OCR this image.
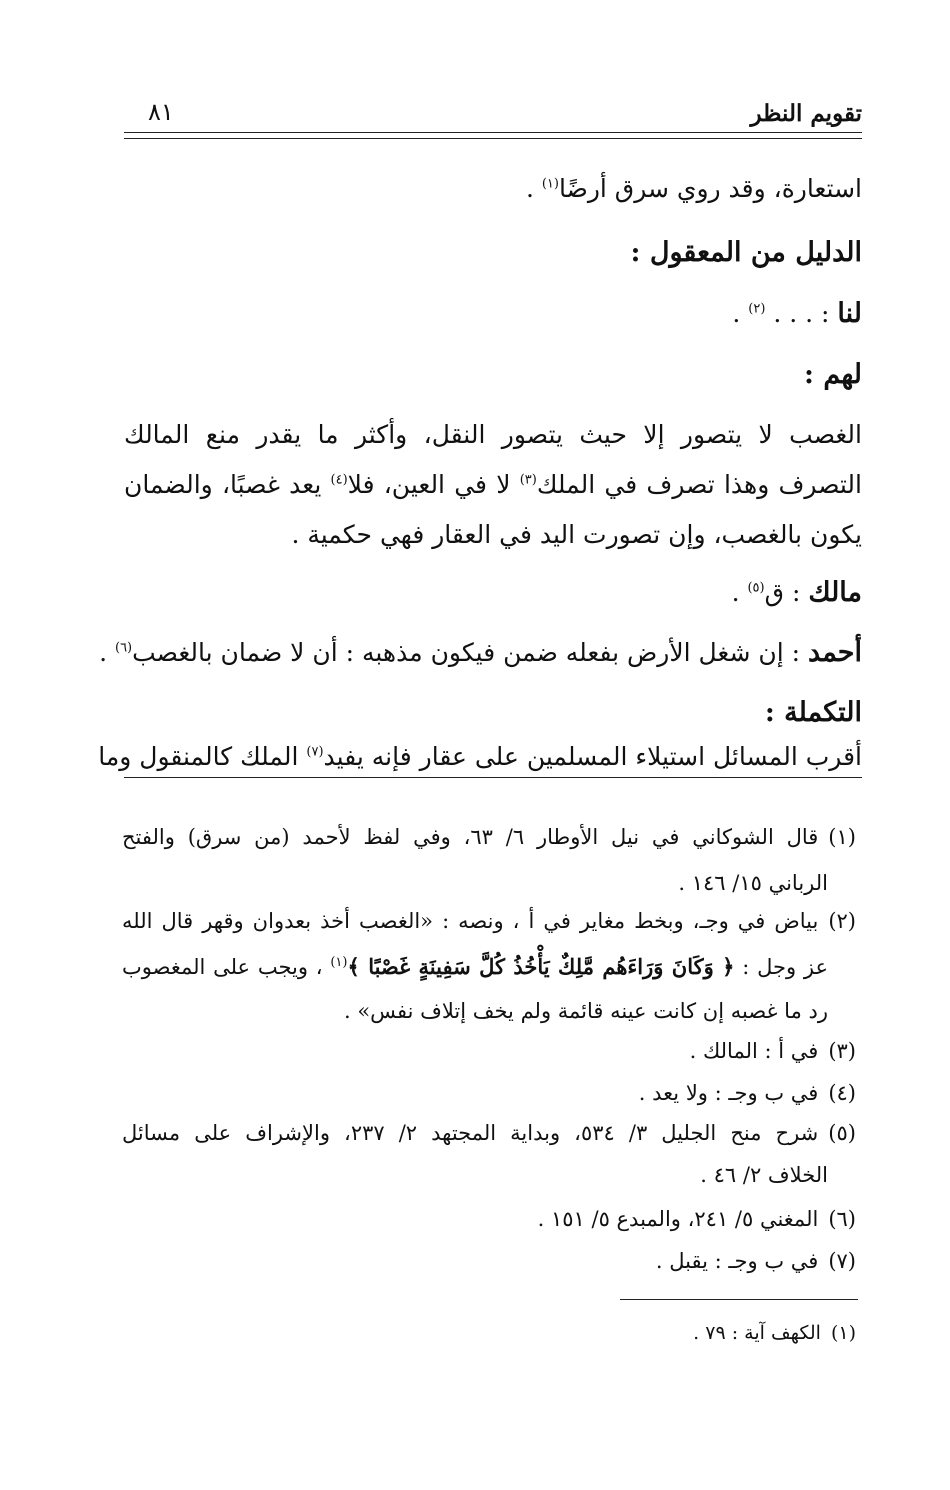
تقويم النظر
٨١
استعارة، وقد روي سرق أرضًا$^{(١)}$ .
الدليل من المعقول :
لنا : . . . $^{(٢)}$ .
لهم :
الغصب لا يتصور إلا حيث يتصور النقل، وأكثر ما يقدر منع المالك
التصرف وهذا تصرف في الملك$^{(٣)}$ لا في العين، فلا$^{(٤)}$ يعد غصبًا، والضمان
يكون بالغصب، وإن تصورت اليد في العقار فهي حكمية .
مالك : ق$^{(٥)}$ .
أحمد : إن شغل الأرض بفعله ضمن فيكون مذهبه : أن لا ضمان بالغصب$^{(٦)}$ .
التكملة :
أقرب المسائل استيلاء المسلمين على عقار فإنه يفيد$^{(٧)}$ الملك كالمنقول وما
(١)قال الشوكاني في نيل الأوطار ٦/ ٦٣، وفي لفظ لأحمد (من سرق) والفتح
الرباني ١٥/ ١٤٦ .
(٢)بياض في وجـ، وبخط مغاير في أ ، ونصه : «الغصب أخذ بعدوان وقهر قال الله
عز وجل : ﴿ وَكَانَ وَرَاءَهُم مَّلِكٌ يَأْخُذُ كُلَّ سَفِينَةٍ غَصْبًا ﴾$^{(١)}$ ، ويجب على المغصوب
رد ما غصبه إن كانت عينه قائمة ولم يخف إتلاف نفس» .
(٣)في أ : المالك .
(٤)في ب وجـ : ولا يعد .
(٥)شرح منح الجليل ٣/ ٥٣٤، وبداية المجتهد ٢/ ٢٣٧، والإشراف على مسائل
الخلاف ٢/ ٤٦ .
(٦)المغني ٥/ ٢٤١، والمبدع ٥/ ١٥١ .
(٧)في ب وجـ : يقبل .
(١)الكهف آية : ٧٩ .
